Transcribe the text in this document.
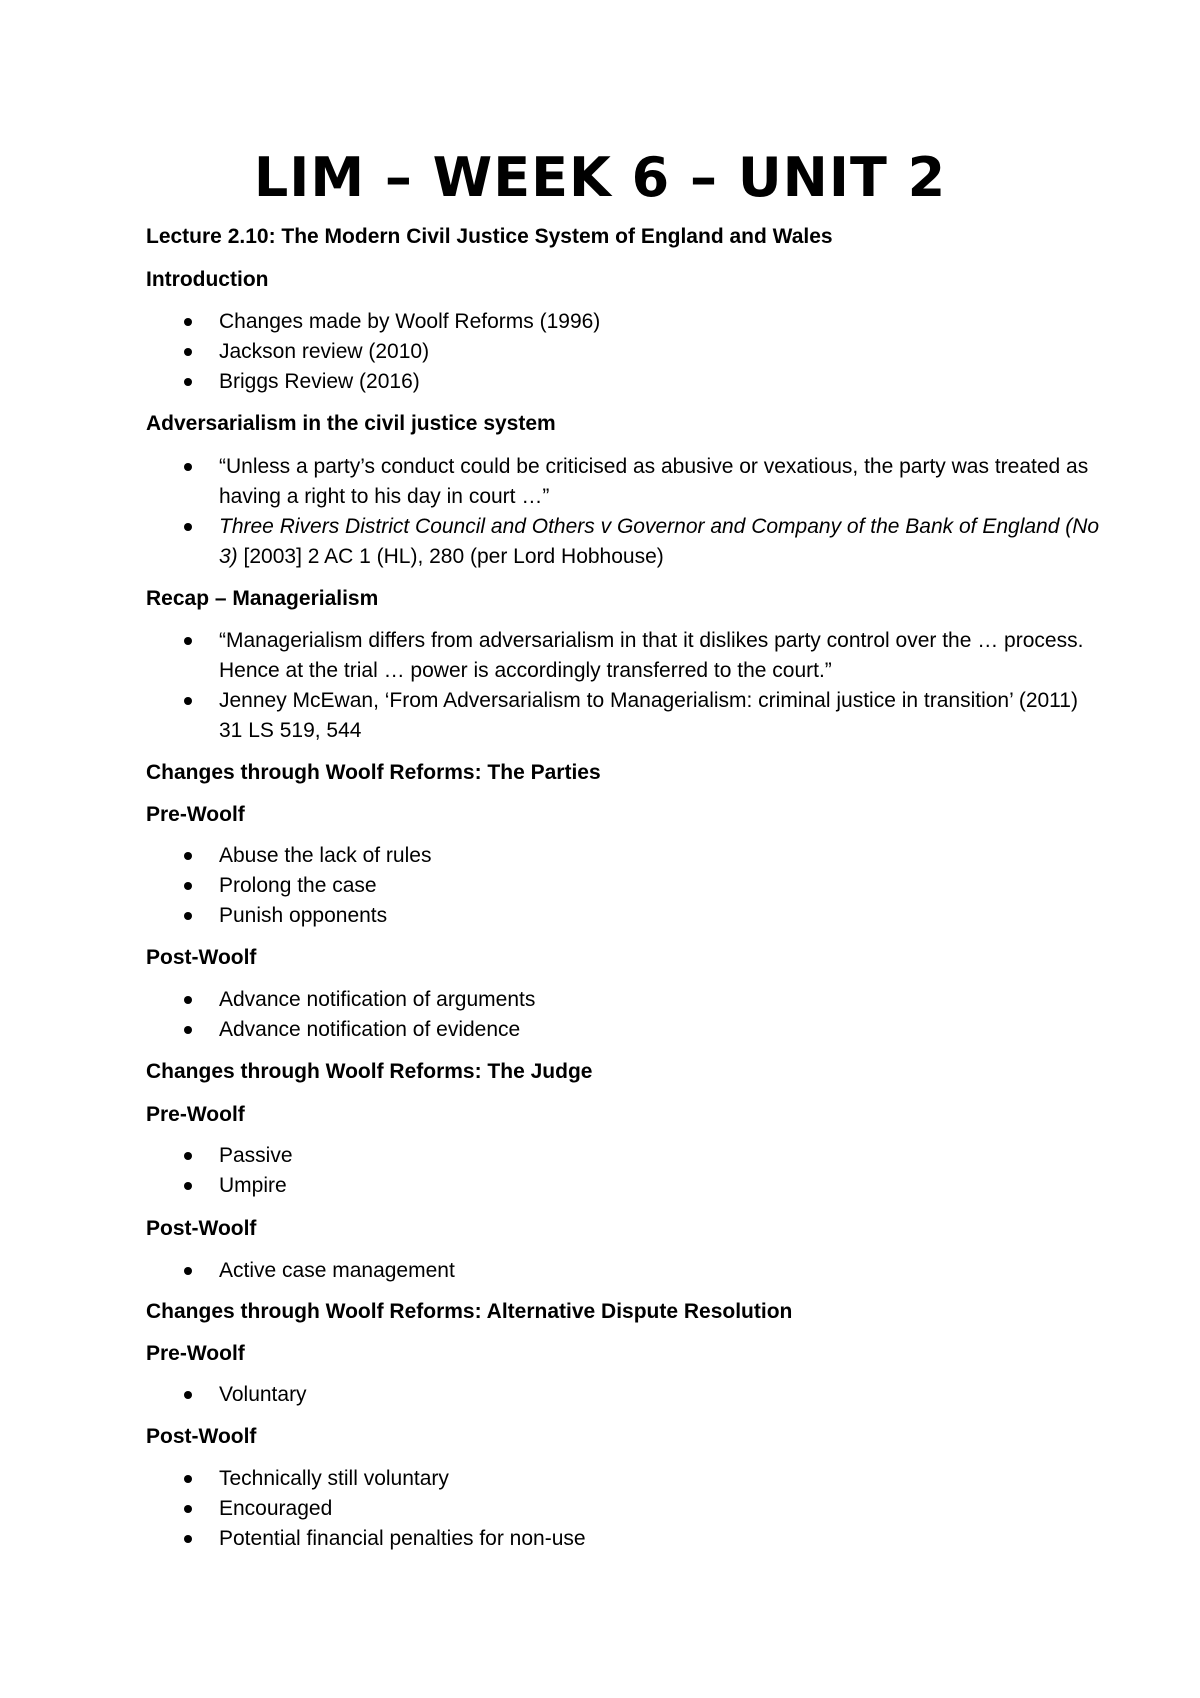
LIM – WEEK 6 – UNIT 2

Lecture 2.10: The Modern Civil Justice System of England and Wales

Introduction

Changes made by Woolf Reforms (1996)
Jackson review (2010)
Briggs Review (2016)

Adversarialism in the civil justice system

“Unless a party’s conduct could be criticised as abusive or vexatious, the party was treated as having a right to his day in court …”
Three Rivers District Council and Others v Governor and Company of the Bank of England (No 3) [2003] 2 AC 1 (HL), 280 (per Lord Hobhouse)

Recap – Managerialism

“Managerialism differs from adversarialism in that it dislikes party control over the … process. Hence at the trial … power is accordingly transferred to the court.”
Jenney McEwan, ‘From Adversarialism to Managerialism: criminal justice in transition’ (2011) 31 LS 519, 544

Changes through Woolf Reforms: The Parties

Pre-Woolf

Abuse the lack of rules
Prolong the case
Punish opponents

Post-Woolf

Advance notification of arguments
Advance notification of evidence

Changes through Woolf Reforms: The Judge

Pre-Woolf

Passive
Umpire

Post-Woolf

Active case management

Changes through Woolf Reforms: Alternative Dispute Resolution

Pre-Woolf

Voluntary

Post-Woolf

Technically still voluntary
Encouraged
Potential financial penalties for non-use
